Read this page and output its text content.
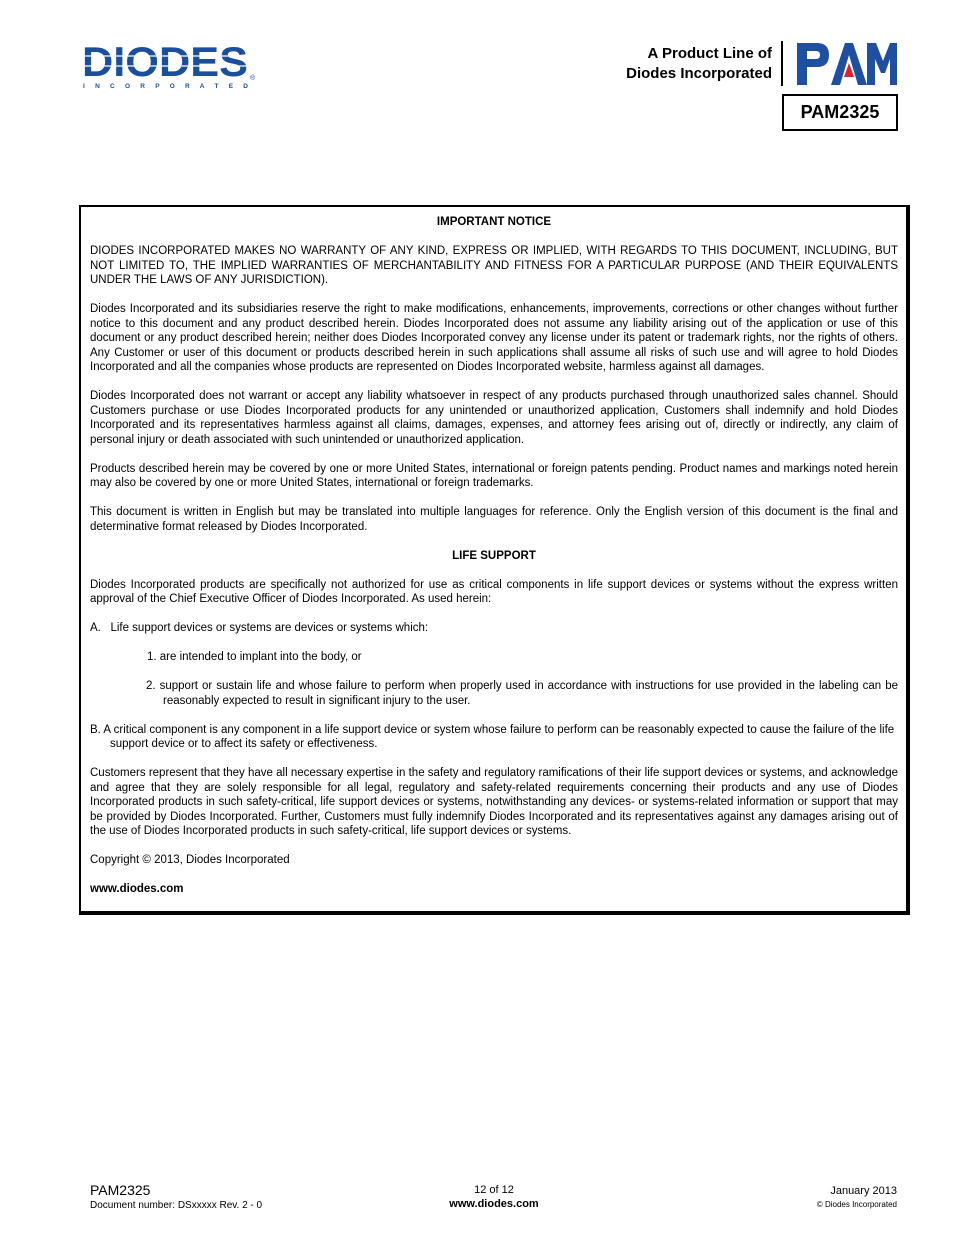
DIODES
I N C O R P O R A T E D
®
A Product Line of
Diodes Incorporated
PAM
PAM2325
IMPORTANT NOTICE
DIODES INCORPORATED MAKES NO WARRANTY OF ANY KIND, EXPRESS OR IMPLIED, WITH REGARDS TO THIS DOCUMENT, INCLUDING, BUT NOT LIMITED TO, THE IMPLIED WARRANTIES OF MERCHANTABILITY AND FITNESS FOR A PARTICULAR PURPOSE (AND THEIR EQUIVALENTS UNDER THE LAWS OF ANY JURISDICTION).
Diodes Incorporated and its subsidiaries reserve the right to make modifications, enhancements, improvements, corrections or other changes without further notice to this document and any product described herein. Diodes Incorporated does not assume any liability arising out of the application or use of this document or any product described herein; neither does Diodes Incorporated convey any license under its patent or trademark rights, nor the rights of others. Any Customer or user of this document or products described herein in such applications shall assume all risks of such use and will agree to hold Diodes Incorporated and all the companies whose products are represented on Diodes Incorporated website, harmless against all damages.
Diodes Incorporated does not warrant or accept any liability whatsoever in respect of any products purchased through unauthorized sales channel. Should Customers purchase or use Diodes Incorporated products for any unintended or unauthorized application, Customers shall indemnify and hold Diodes Incorporated and its representatives harmless against all claims, damages, expenses, and attorney fees arising out of, directly or indirectly, any claim of personal injury or death associated with such unintended or unauthorized application.
Products described herein may be covered by one or more United States, international or foreign patents pending. Product names and markings noted herein may also be covered by one or more United States, international or foreign trademarks.
This document is written in English but may be translated into multiple languages for reference. Only the English version of this document is the final and determinative format released by Diodes Incorporated.
LIFE SUPPORT
Diodes Incorporated products are specifically not authorized for use as critical components in life support devices or systems without the express written approval of the Chief Executive Officer of Diodes Incorporated. As used herein:
A.   Life support devices or systems are devices or systems which:
1. are intended to implant into the body, or
2. support or sustain life and whose failure to perform when properly used in accordance with instructions for use provided in the labeling can be reasonably expected to result in significant injury to the user.
B. A critical component is any component in a life support device or system whose failure to perform can be reasonably expected to cause the failure of the life support device or to affect its safety or effectiveness.
Customers represent that they have all necessary expertise in the safety and regulatory ramifications of their life support devices or systems, and acknowledge and agree that they are solely responsible for all legal, regulatory and safety-related requirements concerning their products and any use of Diodes Incorporated products in such safety-critical, life support devices or systems, notwithstanding any devices- or systems-related information or support that may be provided by Diodes Incorporated. Further, Customers must fully indemnify Diodes Incorporated and its representatives against any damages arising out of the use of Diodes Incorporated products in such safety-critical, life support devices or systems.
Copyright © 2013, Diodes Incorporated
www.diodes.com
PAM2325
Document number: DSxxxxx Rev. 2 - 0
12 of 12
www.diodes.com
January 2013
© Diodes Incorporated
